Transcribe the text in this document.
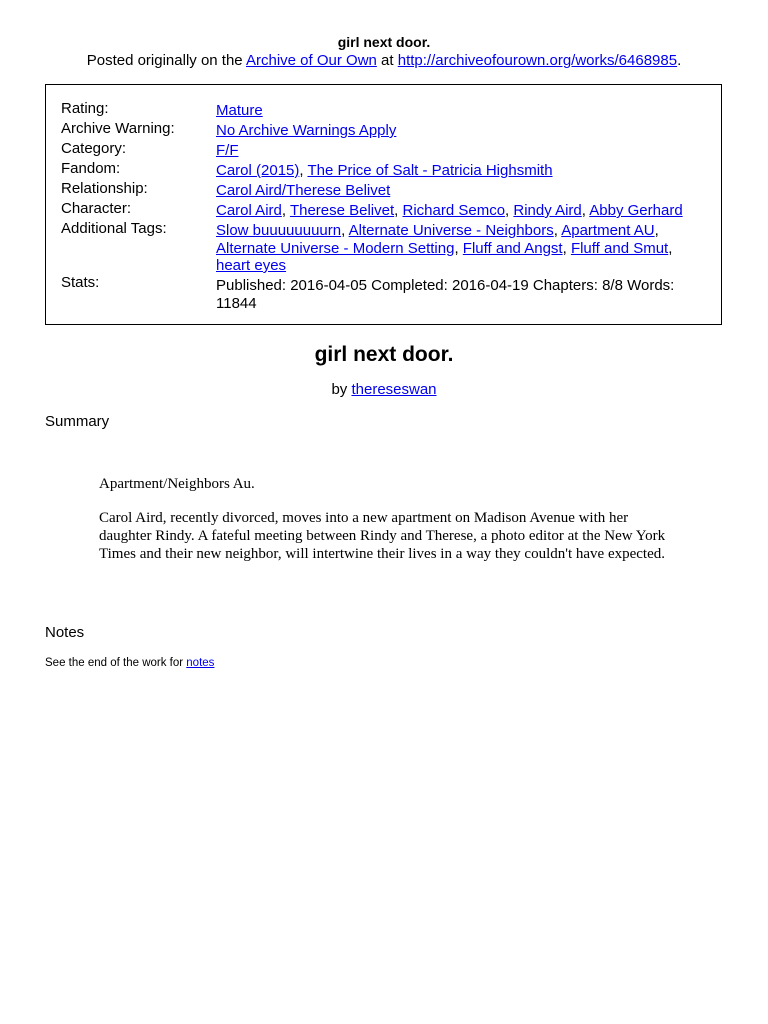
girl next door.
Posted originally on the Archive of Our Own at http://archiveofourown.org/works/6468985.
Rating:	Mature
Archive Warning:	No Archive Warnings Apply
Category:	F/F
Fandom:	Carol (2015), The Price of Salt - Patricia Highsmith
Relationship:	Carol Aird/Therese Belivet
Character:	Carol Aird, Therese Belivet, Richard Semco, Rindy Aird, Abby Gerhard
Additional Tags:	Slow buuuuuuuurn, Alternate Universe - Neighbors, Apartment AU,
Alternate Universe - Modern Setting, Fluff and Angst, Fluff and Smut,
heart eyes
Stats:	Published: 2016-04-05 Completed: 2016-04-19 Chapters: 8/8 Words: 11844
girl next door.
by thereseswan
Summary
Apartment/Neighbors Au.
Carol Aird, recently divorced, moves into a new apartment on Madison Avenue with her daughter Rindy. A fateful meeting between Rindy and Therese, a photo editor at the New York Times and their new neighbor, will intertwine their lives in a way they couldn't have expected.
Notes
See the end of the work for notes
